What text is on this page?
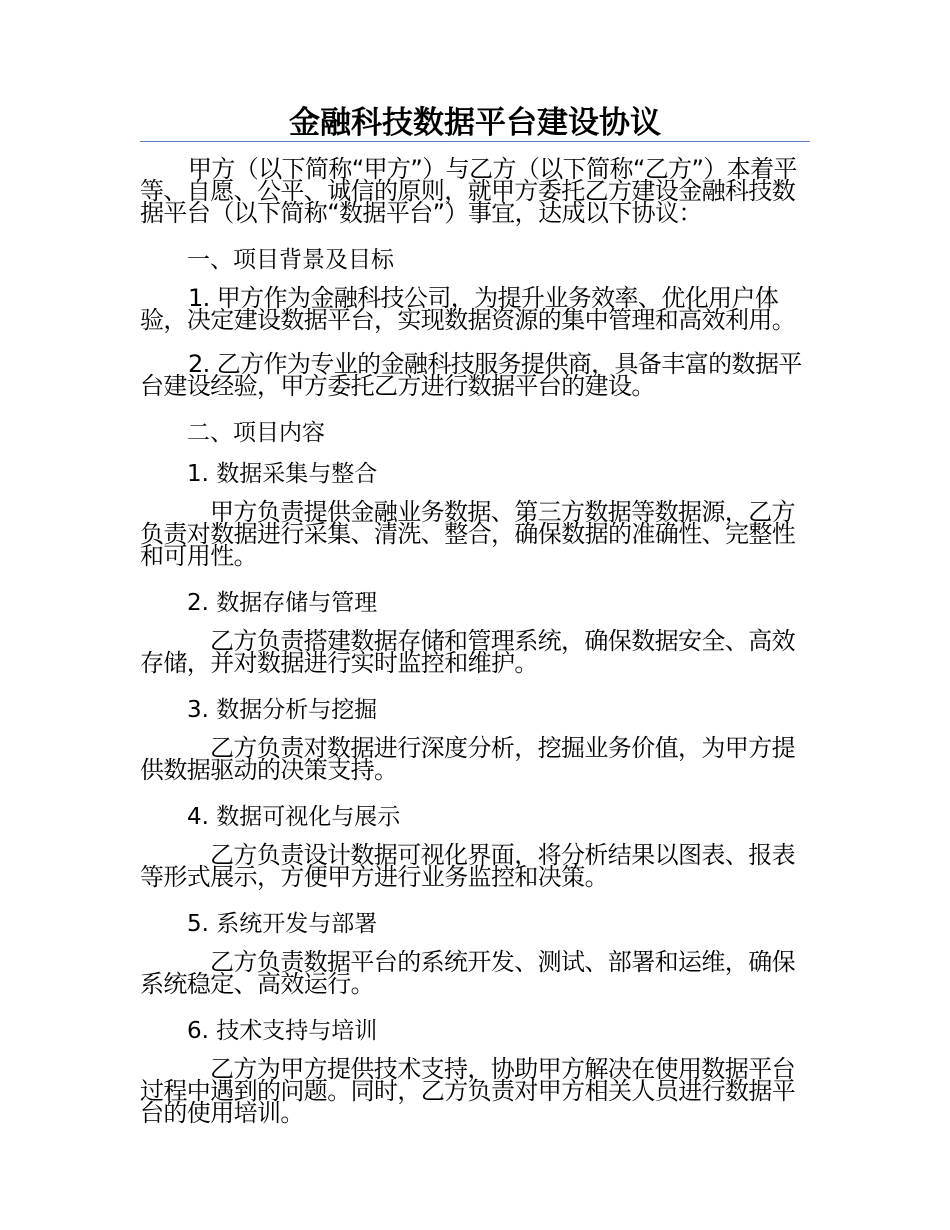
金融科技数据平台建设协议

甲方（以下简称“甲方”）与乙方（以下简称“乙方”）本着平等、自愿、公平、诚信的原则，就甲方委托乙方建设金融科技数据平台（以下简称“数据平台”）事宜，达成以下协议：

一、项目背景及目标

1. 甲方作为金融科技公司，为提升业务效率、优化用户体验，决定建设数据平台，实现数据资源的集中管理和高效利用。

2. 乙方作为专业的金融科技服务提供商，具备丰富的数据平台建设经验，甲方委托乙方进行数据平台的建设。

二、项目内容
1. 数据采集与整合

甲方负责提供金融业务数据、第三方数据等数据源，乙方负责对数据进行采集、清洗、整合，确保数据的准确性、完整性和可用性。

2. 数据存储与管理

乙方负责搭建数据存储和管理系统，确保数据安全、高效存储，并对数据进行实时监控和维护。

3. 数据分析与挖掘

乙方负责对数据进行深度分析，挖掘业务价值，为甲方提供数据驱动的决策支持。

4. 数据可视化与展示

乙方负责设计数据可视化界面，将分析结果以图表、报表等形式展示，方便甲方进行业务监控和决策。

5. 系统开发与部署

乙方负责数据平台的系统开发、测试、部署和运维，确保系统稳定、高效运行。

6. 技术支持与培训

乙方为甲方提供技术支持，协助甲方解决在使用数据平台过程中遇到的问题。同时，乙方负责对甲方相关人员进行数据平台的使用培训。
